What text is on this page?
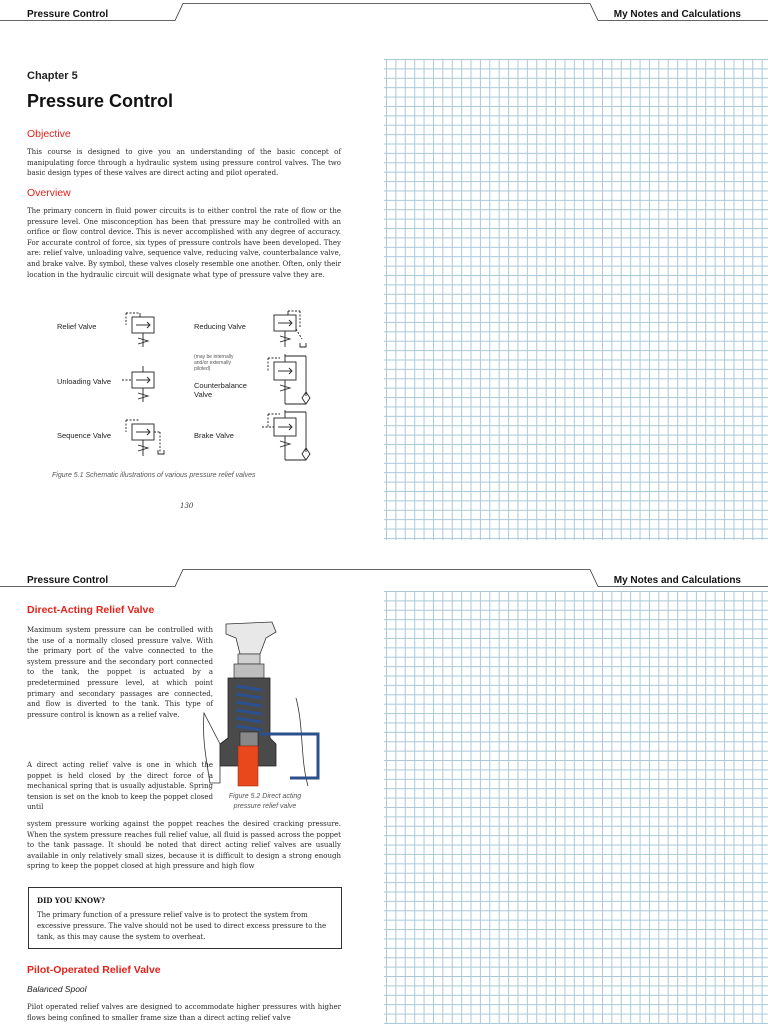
Pressure Control	My Notes and Calculations
Chapter 5
Pressure Control
Objective
This course is designed to give you an understanding of the basic concept of manipulating force through a hydraulic system using pressure control valves. The two basic design types of these valves are direct acting and pilot operated.
Overview
The primary concern in fluid power circuits is to either control the rate of flow or the pressure level. One misconception has been that pressure may be controlled with an orifice or flow control device. This is never accomplished with any degree of accuracy. For accurate control of force, six types of pressure controls have been developed. They are: relief valve, unloading valve, sequence valve, reducing valve, counterbalance valve, and brake valve. By symbol, these valves closely resemble one another. Often, only their location in the hydraulic circuit will designate what type of pressure valve they are.
Relief Valve	Reducing Valve
Unloading Valve
(may be internally
and/or externally
piloted)
Counterbalance
Valve
Sequence Valve	Brake Valve
Figure 5.1 Schematic illustrations of various pressure relief valves
130
Pressure Control	My Notes and Calculations
Direct-Acting Relief Valve
Maximum system pressure can be controlled with the use of a normally closed pressure valve. With the primary port of the valve connected to the system pressure and the secondary port connected to the tank, the poppet is actuated by a predetermined pressure level, at which point primary and secondary passages are connected, and flow is diverted to the tank. This type of pressure control is known as a relief valve.
A direct acting relief valve is one in which the poppet is held closed by the direct force of a mechanical spring that is usually adjustable. Spring tension is set on the knob to keep the poppet closed until
system pressure working against the poppet reaches the desired cracking pressure. When the system pressure reaches full relief value, all fluid is passed across the poppet to the tank passage. It should be noted that direct acting relief valves are usually available in only relatively small sizes, because it is difficult to design a strong enough spring to keep the poppet closed at high pressure and high flow
Figure 5.2 Direct acting
pressure relief valve
DID YOU KNOW?
The primary function of a pressure relief valve is to protect the system from excessive pressure. The valve should not be used to direct excess pressure to the tank, as this may cause the system to overheat.
Pilot-Operated Relief Valve
Balanced Spool
Pilot operated relief valves are designed to accommodate higher pressures with higher flows being confined to smaller frame size than a direct acting relief valve
